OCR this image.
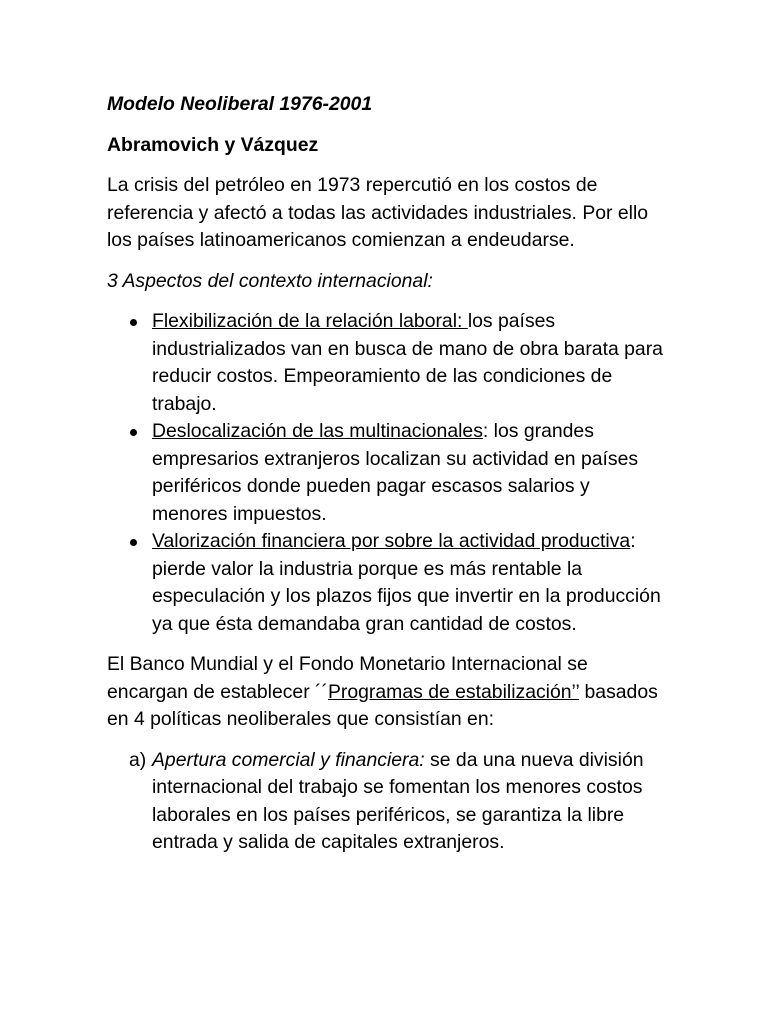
Modelo Neoliberal 1976-2001
Abramovich y Vázquez
La crisis del petróleo en 1973 repercutió en los costos de referencia y afectó a todas las actividades industriales. Por ello los países latinoamericanos comienzan a endeudarse.
3 Aspectos del contexto internacional:
Flexibilización de la relación laboral: los países industrializados van en busca de mano de obra barata para reducir costos. Empeoramiento de las condiciones de trabajo.
Deslocalización de las multinacionales: los grandes empresarios extranjeros localizan su actividad en países periféricos donde pueden pagar escasos salarios y menores impuestos.
Valorización financiera por sobre la actividad productiva: pierde valor la industria porque es más rentable la especulación y los plazos fijos que invertir en la producción ya que ésta demandaba gran cantidad de costos.
El Banco Mundial y el Fondo Monetario Internacional se encargan de establecer ´´Programas de estabilización’’ basados en 4 políticas neoliberales que consistían en:
a) Apertura comercial y financiera: se da una nueva división internacional del trabajo se fomentan los menores costos laborales en los países periféricos, se garantiza la libre entrada y salida de capitales extranjeros.
